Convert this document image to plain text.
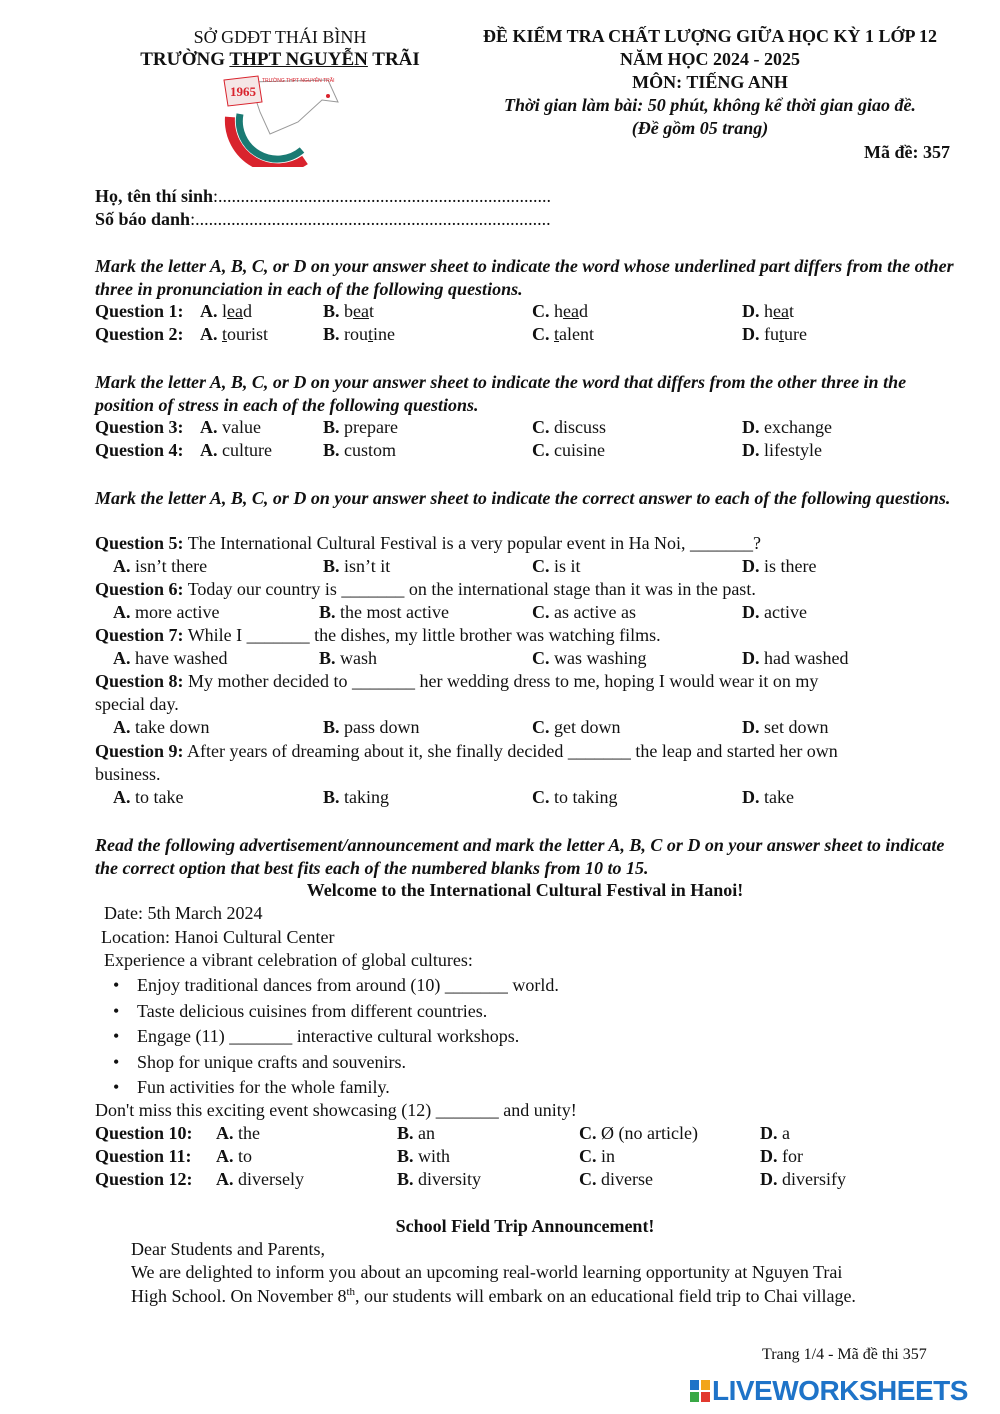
SỞ GDĐT THÁI BÌNH
TRƯỜNG THPT NGUYỄN TRÃI
1965
TRƯỜNG THPT NGUYỄN TRÃI
ĐỀ KIỂM TRA CHẤT LƯỢNG GIỮA HỌC KỲ 1 LỚP 12
NĂM HỌC 2024 - 2025
MÔN: TIẾNG ANH
Thời gian làm bài: 50 phút, không kể thời gian giao đề.
(Đề gồm 05 trang)
Mã đề: 357
Họ, tên thí sinh:..........................................................................
Số báo danh:...............................................................................
Mark the letter A, B, C, or D on your answer sheet to indicate the word whose underlined part differs from the other three in pronunciation in each of the following questions.
Question 1: A. lead	B. beat	C. head	D. heat
Question 2: A. tourist	B. routine	C. talent	D. future
Mark the letter A, B, C, or D on your answer sheet to indicate the word that differs from the other three in the position of stress in each of the following questions.
Question 3: A. value	B. prepare	C. discuss	D. exchange
Question 4: A. culture	B. custom	C. cuisine	D. lifestyle
Mark the letter A, B, C, or D on your answer sheet to indicate the correct answer to each of the following questions.
Question 5: The International Cultural Festival is a very popular event in Ha Noi, _______?
A. isn’t there	B. isn’t it	C. is it	D. is there
Question 6: Today our country is _______ on the international stage than it was in the past.
A. more active	B. the most active	C. as active as	D. active
Question 7: While I _______ the dishes, my little brother was watching films.
A. have washed	B. wash	C. was washing	D. had washed
Question 8: My mother decided to _______ her wedding dress to me, hoping I would wear it on my
special day.
A. take down	B. pass down	C. get down	D. set down
Question 9: After years of dreaming about it, she finally decided _______ the leap and started her own
business.
A. to take	B. taking	C. to taking	D. take
Read the following advertisement/announcement and mark the letter A, B, C or D on your answer sheet to indicate the correct option that best fits each of the numbered blanks from 10 to 15.
Welcome to the International Cultural Festival in Hanoi!
Date: 5th March 2024
Location: Hanoi Cultural Center
Experience a vibrant celebration of global cultures:
• Enjoy traditional dances from around (10) _______ world.
• Taste delicious cuisines from different countries.
• Engage (11) _______ interactive cultural workshops.
• Shop for unique crafts and souvenirs.
• Fun activities for the whole family.
Don't miss this exciting event showcasing (12) _______ and unity!
Question 10: A. the	B. an	C. Ø (no article)	D. a
Question 11: A. to	B. with	C. in	D. for
Question 12: A. diversely	B. diversity	C. diverse	D. diversify
School Field Trip Announcement!
Dear Students and Parents,
We are delighted to inform you about an upcoming real-world learning opportunity at Nguyen Trai
High School. On November 8th, our students will embark on an educational field trip to Chai village.
Trang 1/4 - Mã đề thi 357
LIVEWORKSHEETS
